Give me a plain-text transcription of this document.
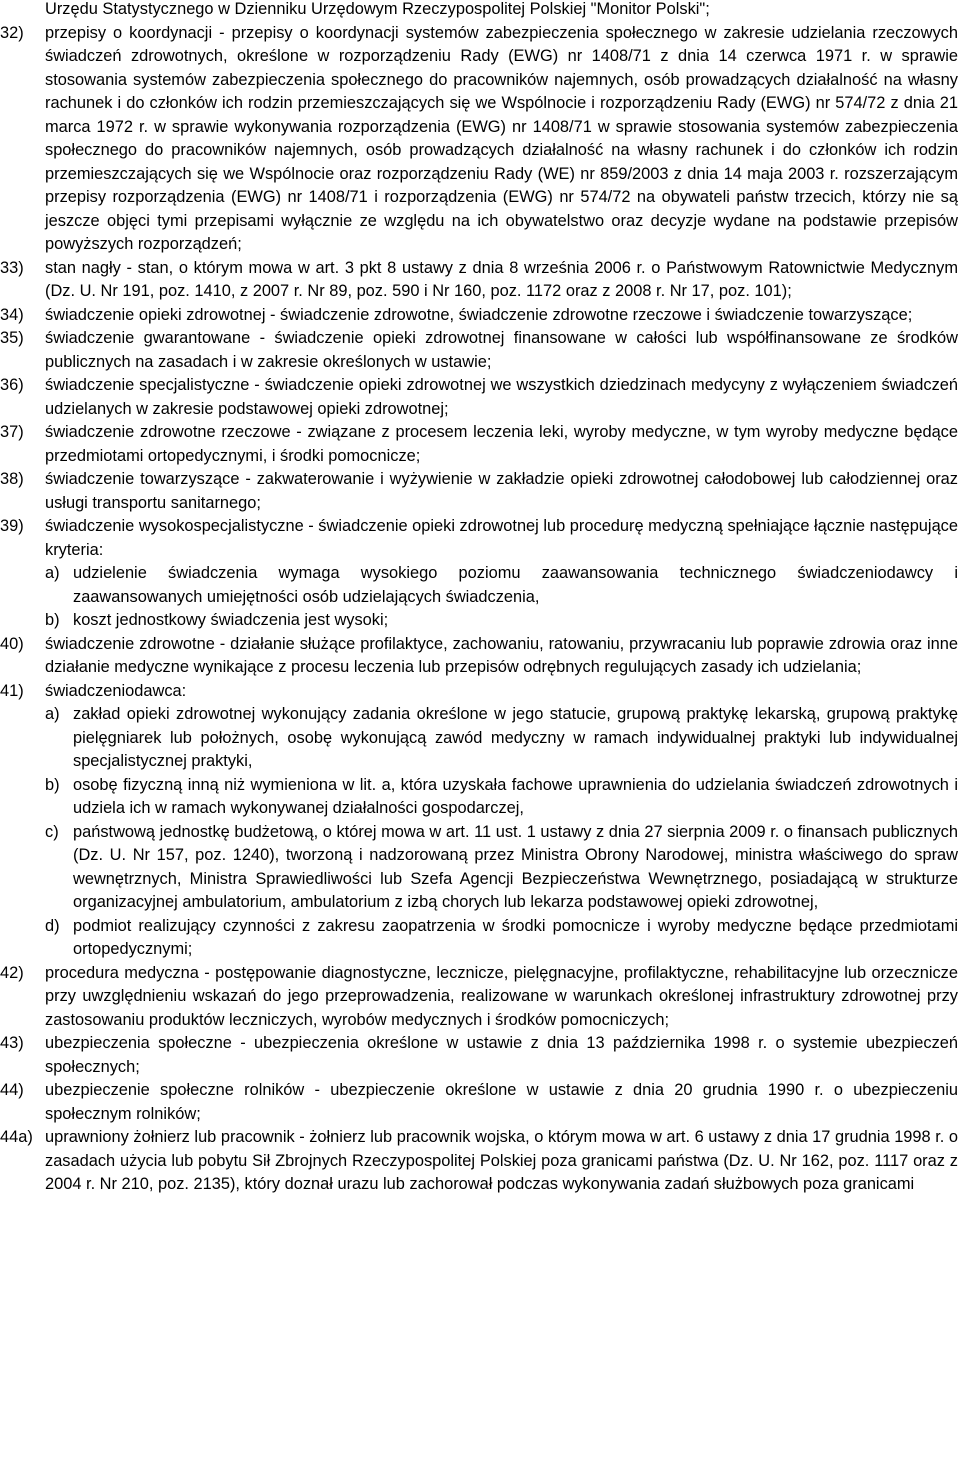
Urzędu Statystycznego w Dzienniku Urzędowym Rzeczypospolitej Polskiej "Monitor Polski";

32)	przepisy o koordynacji - przepisy o koordynacji systemów zabezpieczenia społecznego w zakresie udzielania rzeczowych świadczeń zdrowotnych, określone w rozporządzeniu Rady (EWG) nr 1408/71 z dnia 14 czerwca 1971 r. w sprawie stosowania systemów zabezpieczenia społecznego do pracowników najemnych, osób prowadzących działalność na własny rachunek i do członków ich rodzin przemieszczających się we Wspólnocie i rozporządzeniu Rady (EWG) nr 574/72 z dnia 21 marca 1972 r. w sprawie wykonywania rozporządzenia (EWG) nr 1408/71 w sprawie stosowania systemów zabezpieczenia społecznego do pracowników najemnych, osób prowadzących działalność na własny rachunek i do członków ich rodzin przemieszczających się we Wspólnocie oraz rozporządzeniu Rady (WE) nr 859/2003 z dnia 14 maja 2003 r. rozszerzającym przepisy rozporządzenia (EWG) nr 1408/71 i rozporządzenia (EWG) nr 574/72 na obywateli państw trzecich, którzy nie są jeszcze objęci tymi przepisami wyłącznie ze względu na ich obywatelstwo oraz decyzje wydane na podstawie przepisów powyższych rozporządzeń;

33)	stan nagły - stan, o którym mowa w art. 3 pkt 8 ustawy z dnia 8 września 2006 r. o Państwowym Ratownictwie Medycznym (Dz. U. Nr 191, poz. 1410, z 2007 r. Nr 89, poz. 590 i Nr 160, poz. 1172 oraz z 2008 r. Nr 17, poz. 101);

34)	świadczenie opieki zdrowotnej - świadczenie zdrowotne, świadczenie zdrowotne rzeczowe i świadczenie towarzyszące;

35)	świadczenie gwarantowane - świadczenie opieki zdrowotnej finansowane w całości lub współfinansowane ze środków publicznych na zasadach i w zakresie określonych w ustawie;

36)	świadczenie specjalistyczne - świadczenie opieki zdrowotnej we wszystkich dziedzinach medycyny z wyłączeniem świadczeń udzielanych w zakresie podstawowej opieki zdrowotnej;

37)	świadczenie zdrowotne rzeczowe - związane z procesem leczenia leki, wyroby medyczne, w tym wyroby medyczne będące przedmiotami ortopedycznymi, i środki pomocnicze;

38)	świadczenie towarzyszące - zakwaterowanie i wyżywienie w zakładzie opieki zdrowotnej całodobowej lub całodziennej oraz usługi transportu sanitarnego;

39)	świadczenie wysokospecjalistyczne - świadczenie opieki zdrowotnej lub procedurę medyczną spełniające łącznie następujące kryteria:

a) udzielenie świadczenia wymaga wysokiego poziomu zaawansowania technicznego świadczeniodawcy i zaawansowanych umiejętności osób udzielających świadczenia,
b) koszt jednostkowy świadczenia jest wysoki;
40)	świadczenie zdrowotne - działanie służące profilaktyce, zachowaniu, ratowaniu, przywracaniu lub poprawie zdrowia oraz inne działanie medyczne wynikające z procesu leczenia lub przepisów odrębnych regulujących zasady ich udzielania;

41)	świadczeniodawca:

a) zakład opieki zdrowotnej wykonujący zadania określone w jego statucie, grupową praktykę lekarską, grupową praktykę pielęgniarek lub położnych, osobę wykonującą zawód medyczny w ramach indywidualnej praktyki lub indywidualnej specjalistycznej praktyki,
b) osobę fizyczną inną niż wymieniona w lit. a, która uzyskała fachowe uprawnienia do udzielania świadczeń zdrowotnych i udziela ich w ramach wykonywanej działalności gospodarczej,
c) państwową jednostkę budżetową, o której mowa w art. 11 ust. 1 ustawy z dnia 27 sierpnia 2009 r. o finansach publicznych (Dz. U. Nr 157, poz. 1240), tworzoną i nadzorowaną przez Ministra Obrony Narodowej, ministra właściwego do spraw wewnętrznych, Ministra Sprawiedliwości lub Szefa Agencji Bezpieczeństwa Wewnętrznego, posiadającą w strukturze organizacyjnej ambulatorium, ambulatorium z izbą chorych lub lekarza podstawowej opieki zdrowotnej,
d) podmiot realizujący czynności z zakresu zaopatrzenia w środki pomocnicze i wyroby medyczne będące przedmiotami ortopedycznymi;
42)	procedura medyczna - postępowanie diagnostyczne, lecznicze, pielęgnacyjne, profilaktyczne, rehabilitacyjne lub orzecznicze przy uwzględnieniu wskazań do jego przeprowadzenia, realizowane w warunkach określonej infrastruktury zdrowotnej przy zastosowaniu produktów leczniczych, wyrobów medycznych i środków pomocniczych;

43)	ubezpieczenia społeczne - ubezpieczenia określone w ustawie z dnia 13 października 1998 r. o systemie ubezpieczeń społecznych;

44)	ubezpieczenie społeczne rolników - ubezpieczenie określone w ustawie z dnia 20 grudnia 1990 r. o ubezpieczeniu społecznym rolników;

44a) uprawniony żołnierz lub pracownik - żołnierz lub pracownik wojska, o którym mowa w art. 6 ustawy z dnia 17 grudnia 1998 r. o zasadach użycia lub pobytu Sił Zbrojnych Rzeczypospolitej Polskiej poza granicami państwa (Dz. U. Nr 162, poz. 1117 oraz z 2004 r. Nr 210, poz. 2135), który doznał urazu lub zachorował podczas wykonywania zadań służbowych poza granicami
